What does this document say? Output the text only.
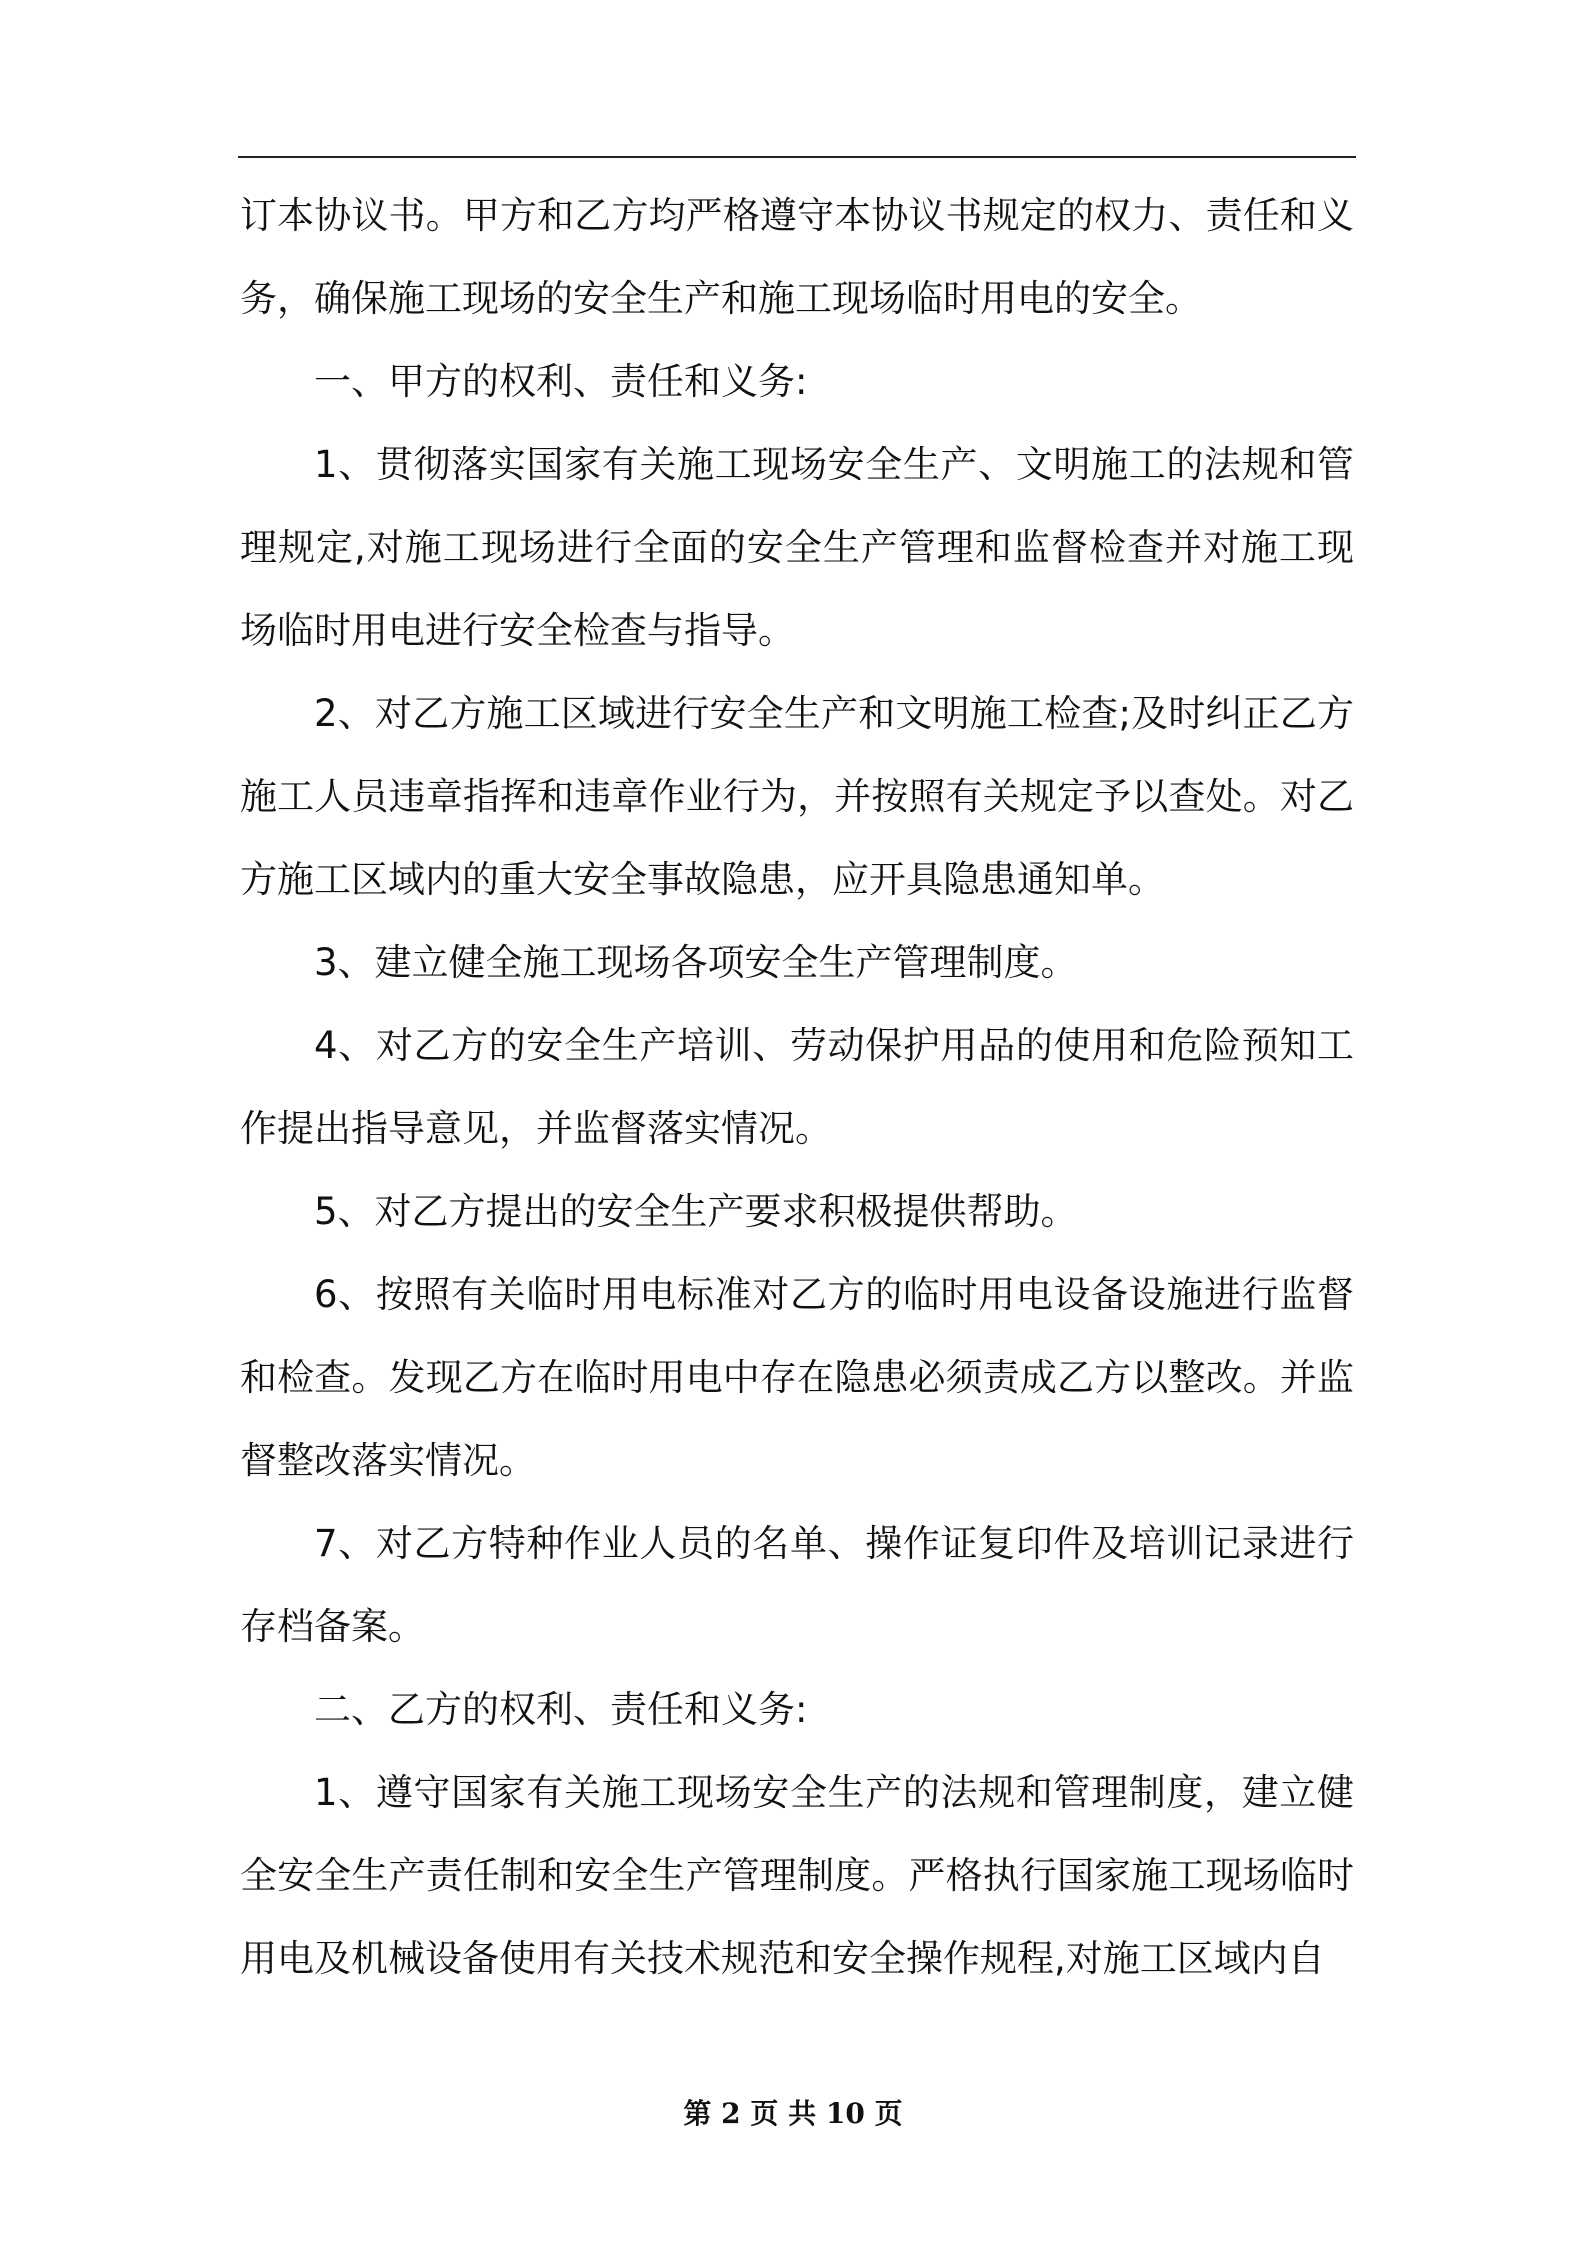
订本协议书。甲方和乙方均严格遵守本协议书规定的权力、责任和义务，确保施工现场的安全生产和施工现场临时用电的安全。

一、甲方的权利、责任和义务:

1、贯彻落实国家有关施工现场安全生产、文明施工的法规和管理规定,对施工现场进行全面的安全生产管理和监督检查并对施工现场临时用电进行安全检查与指导。

2、对乙方施工区域进行安全生产和文明施工检查;及时纠正乙方施工人员违章指挥和违章作业行为，并按照有关规定予以查处。对乙方施工区域内的重大安全事故隐患，应开具隐患通知单。

3、建立健全施工现场各项安全生产管理制度。

4、对乙方的安全生产培训、劳动保护用品的使用和危险预知工作提出指导意见，并监督落实情况。

5、对乙方提出的安全生产要求积极提供帮助。

6、按照有关临时用电标准对乙方的临时用电设备设施进行监督和检查。发现乙方在临时用电中存在隐患必须责成乙方以整改。并监督整改落实情况。

7、对乙方特种作业人员的名单、操作证复印件及培训记录进行存档备案。

二、乙方的权利、责任和义务:

1、遵守国家有关施工现场安全生产的法规和管理制度，建立健全安全生产责任制和安全生产管理制度。严格执行国家施工现场临时用电及机械设备使用有关技术规范和安全操作规程,对施工区域内自

第 2 页 共 10 页
